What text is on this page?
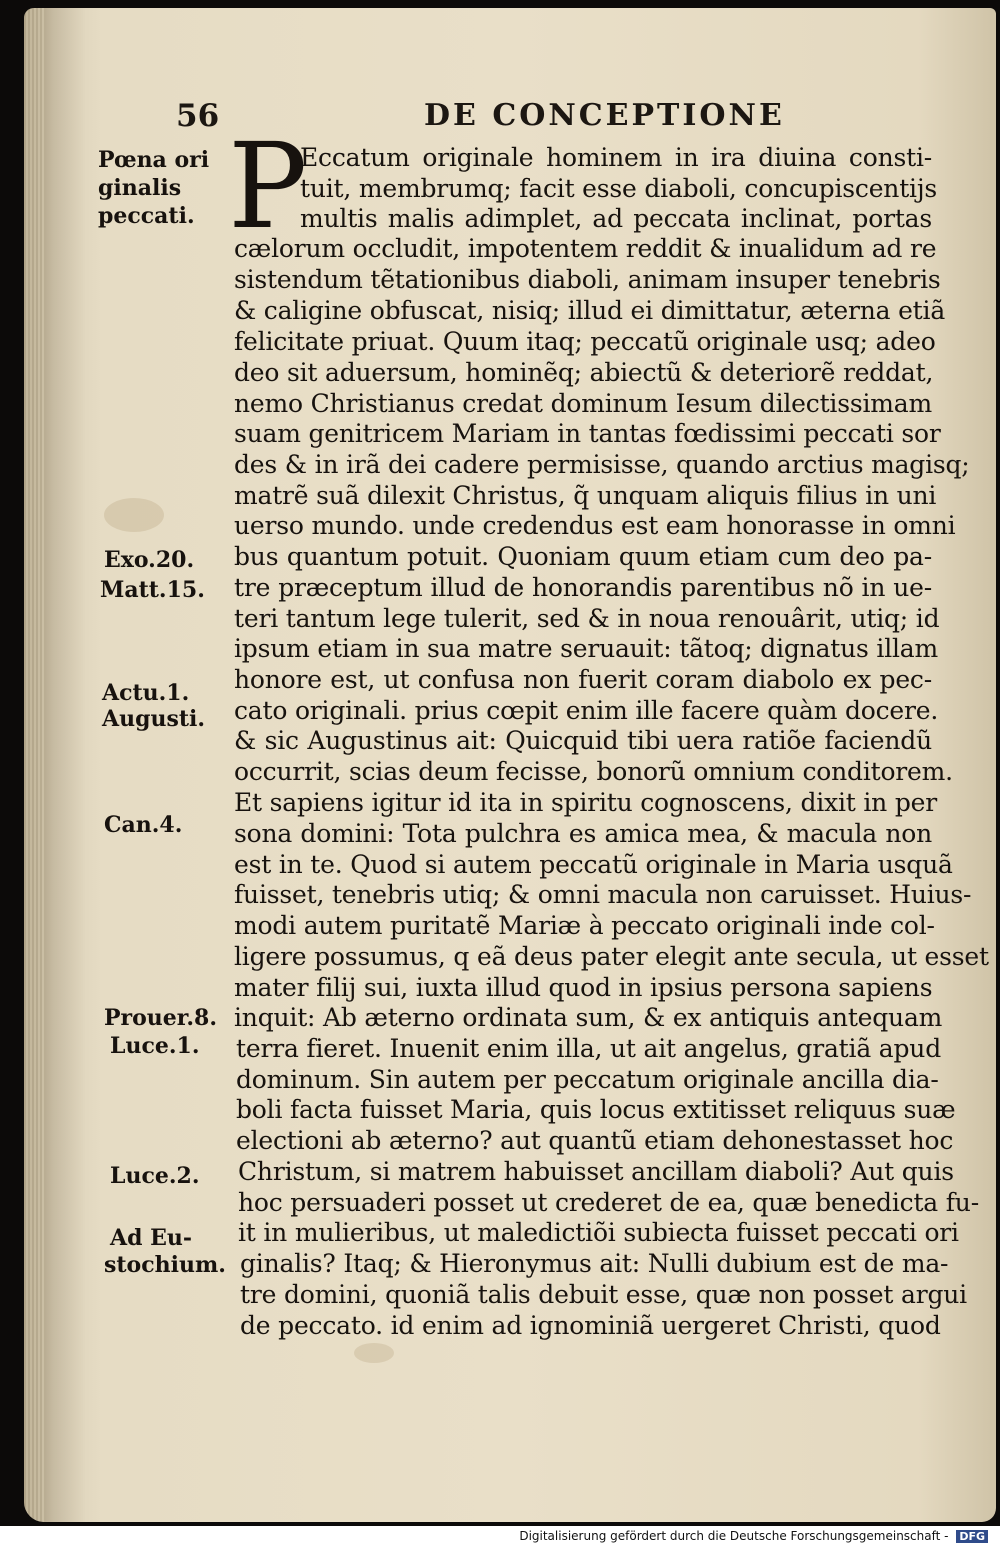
56	DE CONCEPTIONE
P
Eccatum originale hominem in ira diuina consti-
tuit, membrumq; facit esse diaboli, concupiscentijs
multis malis adimplet, ad peccata inclinat, portas
cælorum occludit, impotentem reddit & inualidum ad re
sistendum tẽtationibus diaboli, animam insuper tenebris
& caligine obfuscat, nisiq; illud ei dimittatur, æterna etiã
felicitate priuat. Quum itaq; peccatũ originale usq; adeo
deo sit aduersum, hominẽq; abiectũ & deteriorẽ reddat,
nemo Christianus credat dominum Iesum dilectissimam
suam genitricem Mariam in tantas fœdissimi peccati sor
des & in irã dei cadere permisisse, quando arctius magisq;
matrẽ suã dilexit Christus, q̃ unquam aliquis filius in uni
uerso mundo. unde credendus est eam honorasse in omni
bus quantum potuit. Quoniam quum etiam cum deo pa-
tre præceptum illud de honorandis parentibus nõ in ue-
teri tantum lege tulerit, sed & in noua renouârit, utiq; id
ipsum etiam in sua matre seruauit: tãtoq; dignatus illam
honore est, ut confusa non fuerit coram diabolo ex pec-
cato originali. prius cœpit enim ille facere quàm docere.
& sic Augustinus ait: Quicquid tibi uera ratiõe faciendũ
occurrit, scias deum fecisse, bonorũ omnium conditorem.
Et sapiens igitur id ita in spiritu cognoscens, dixit in per
sona domini: Tota pulchra es amica mea, & macula non
est in te. Quod si autem peccatũ originale in Maria usquã
fuisset, tenebris utiq; & omni macula non caruisset. Huius-
modi autem puritatẽ Mariæ à peccato originali inde col-
ligere possumus, q eã deus pater elegit ante secula, ut esset
mater filij sui, iuxta illud quod in ipsius persona sapiens
inquit: Ab æterno ordinata sum, & ex antiquis antequam
terra fieret. Inuenit enim illa, ut ait angelus, gratiã apud
dominum. Sin autem per peccatum originale ancilla dia-
boli facta fuisset Maria, quis locus extitisset reliquus suæ
electioni ab æterno? aut quantũ etiam dehonestasset hoc
Christum, si matrem habuisset ancillam diaboli? Aut quis
hoc persuaderi posset ut crederet de ea, quæ benedicta fu-
it in mulieribus, ut maledictiõi subiecta fuisset peccati ori
ginalis? Itaq; & Hieronymus ait: Nulli dubium est de ma-
tre domini, quoniã talis debuit esse, quæ non posset argui
de peccato. id enim ad ignominiã uergeret Christi, quod
Pœna ori
ginalis
peccati.
Exo.20.
Matt.15.
Actu.1.
Augusti.
Can.4.
Prouer.8.
Luce.1.
Luce.2.
Ad Eu-
stochium.
Digitalisierung gefördert durch die Deutsche Forschungsgemeinschaft - DFG
